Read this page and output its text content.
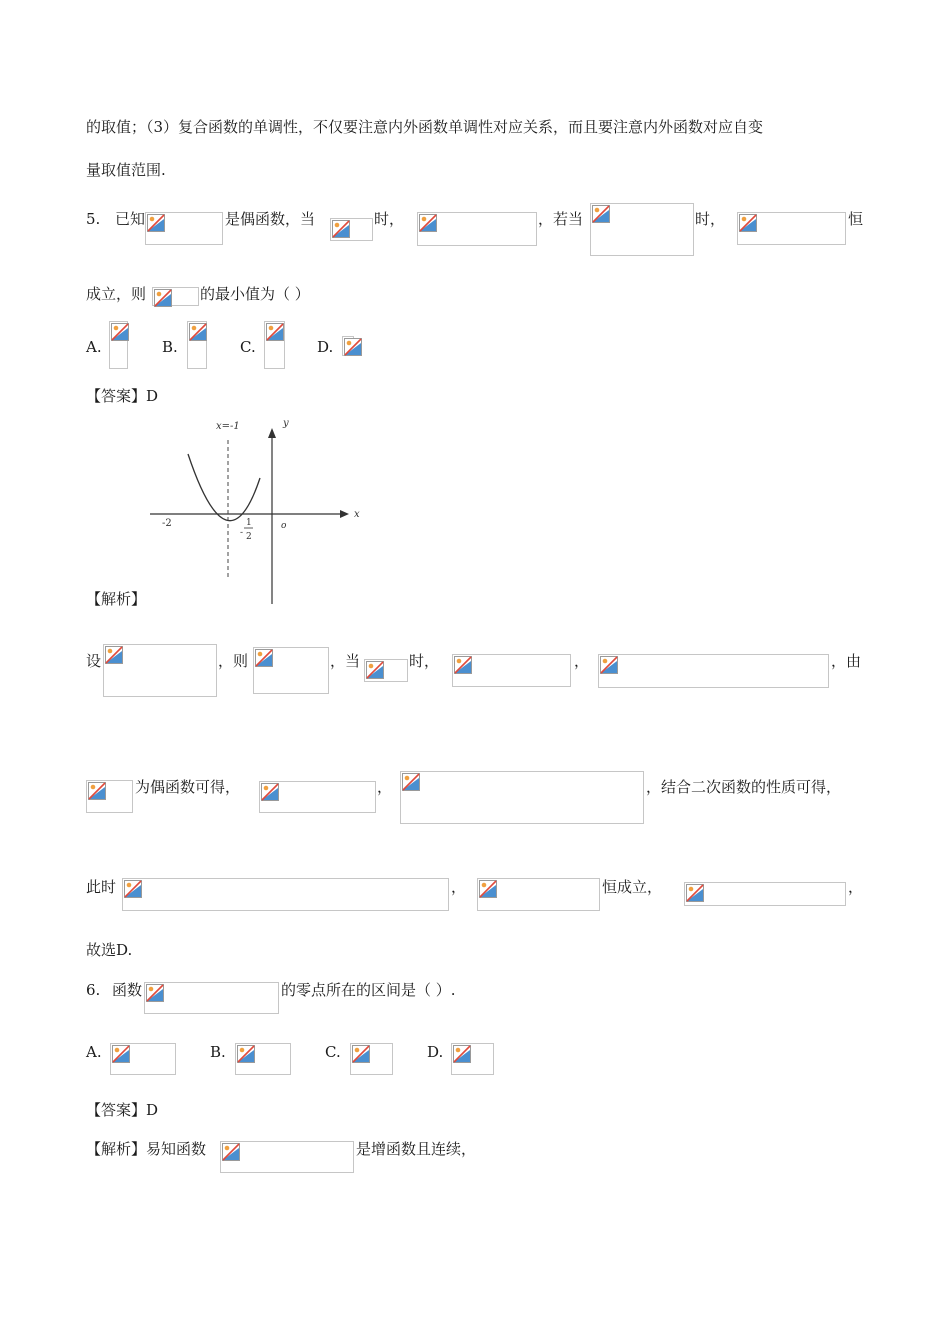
的取值；（3）复合函数的单调性，不仅要注意内外函数单调性对应关系，而且要注意内外函数对应自变
量取值范围.
5. 已知	是偶函数，当	时，	，若当	时，	恒
成立，则	的最小值为（ ）
A.	B.	C.	D.
【答案】D
x=-1	y
x
-2
-
1
2
o
【解析】
设	，则	，当	时，	，	，由
为偶函数可得，	，	，结合二次函数的性质可得，
此时	，	恒成立，	，
故选D.
6. 函数	的零点所在的区间是（ ）.
A.	B.	C.	D.
【答案】D
【解析】易知函数	是增函数且连续，
